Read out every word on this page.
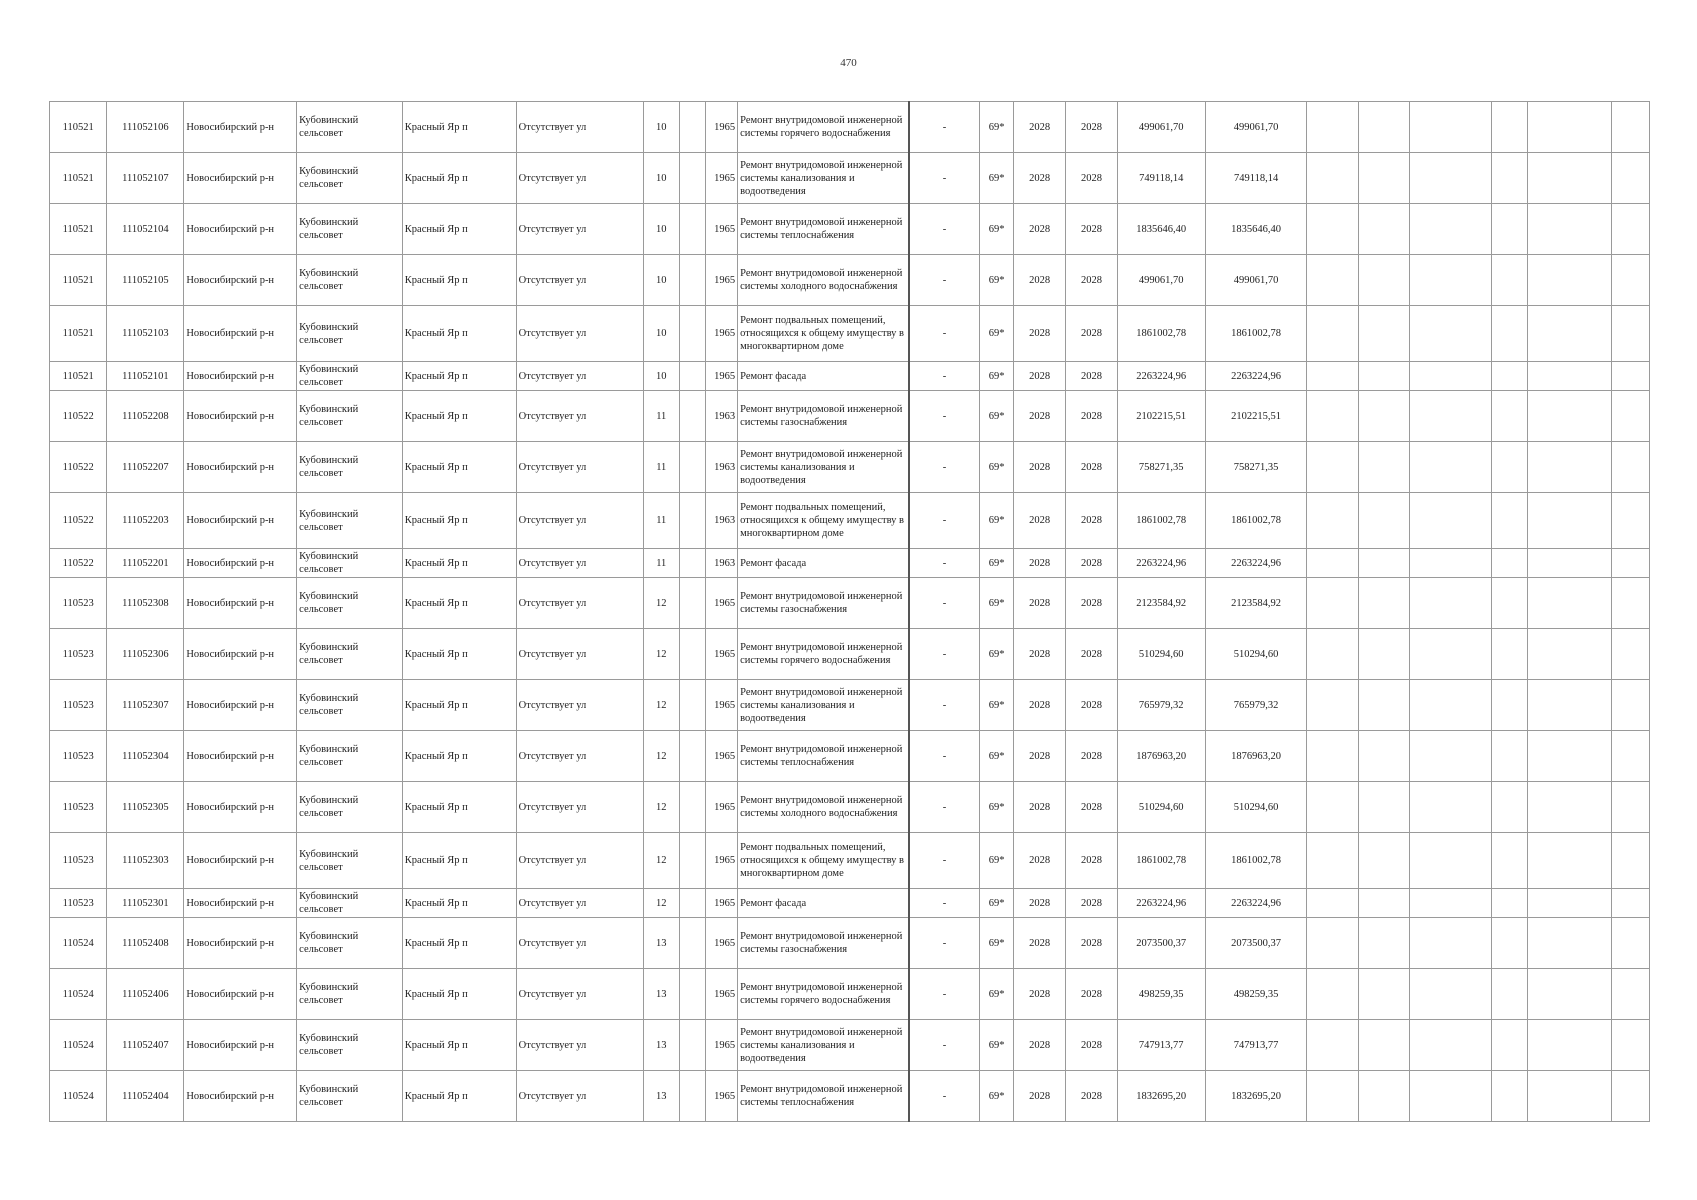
470
110521	111052106	Новосибирский р-н	Кубовинский сельсовет	Красный Яр п	Отсутствует ул	10		1965	Ремонт внутридомовой инженерной системы горячего водоснабжения	-	69*	2028	2028	499061,70	499061,70						
110521	111052107	Новосибирский р-н	Кубовинский сельсовет	Красный Яр п	Отсутствует ул	10		1965	Ремонт внутридомовой инженерной системы канализования и водоотведения	-	69*	2028	2028	749118,14	749118,14						
110521	111052104	Новосибирский р-н	Кубовинский сельсовет	Красный Яр п	Отсутствует ул	10		1965	Ремонт внутридомовой инженерной системы теплоснабжения	-	69*	2028	2028	1835646,40	1835646,40						
110521	111052105	Новосибирский р-н	Кубовинский сельсовет	Красный Яр п	Отсутствует ул	10		1965	Ремонт внутридомовой инженерной системы холодного водоснабжения	-	69*	2028	2028	499061,70	499061,70						
110521	111052103	Новосибирский р-н	Кубовинский сельсовет	Красный Яр п	Отсутствует ул	10		1965	Ремонт подвальных помещений, относящихся к общему имуществу в многоквартирном доме	-	69*	2028	2028	1861002,78	1861002,78						
110521	111052101	Новосибирский р-н	Кубовинский сельсовет	Красный Яр п	Отсутствует ул	10		1965	Ремонт фасада	-	69*	2028	2028	2263224,96	2263224,96						
110522	111052208	Новосибирский р-н	Кубовинский сельсовет	Красный Яр п	Отсутствует ул	11		1963	Ремонт внутридомовой инженерной системы газоснабжения	-	69*	2028	2028	2102215,51	2102215,51						
110522	111052207	Новосибирский р-н	Кубовинский сельсовет	Красный Яр п	Отсутствует ул	11		1963	Ремонт внутридомовой инженерной системы канализования и водоотведения	-	69*	2028	2028	758271,35	758271,35						
110522	111052203	Новосибирский р-н	Кубовинский сельсовет	Красный Яр п	Отсутствует ул	11		1963	Ремонт подвальных помещений, относящихся к общему имуществу в многоквартирном доме	-	69*	2028	2028	1861002,78	1861002,78						
110522	111052201	Новосибирский р-н	Кубовинский сельсовет	Красный Яр п	Отсутствует ул	11		1963	Ремонт фасада	-	69*	2028	2028	2263224,96	2263224,96						
110523	111052308	Новосибирский р-н	Кубовинский сельсовет	Красный Яр п	Отсутствует ул	12		1965	Ремонт внутридомовой инженерной системы газоснабжения	-	69*	2028	2028	2123584,92	2123584,92						
110523	111052306	Новосибирский р-н	Кубовинский сельсовет	Красный Яр п	Отсутствует ул	12		1965	Ремонт внутридомовой инженерной системы горячего водоснабжения	-	69*	2028	2028	510294,60	510294,60						
110523	111052307	Новосибирский р-н	Кубовинский сельсовет	Красный Яр п	Отсутствует ул	12		1965	Ремонт внутридомовой инженерной системы канализования и водоотведения	-	69*	2028	2028	765979,32	765979,32						
110523	111052304	Новосибирский р-н	Кубовинский сельсовет	Красный Яр п	Отсутствует ул	12		1965	Ремонт внутридомовой инженерной системы теплоснабжения	-	69*	2028	2028	1876963,20	1876963,20						
110523	111052305	Новосибирский р-н	Кубовинский сельсовет	Красный Яр п	Отсутствует ул	12		1965	Ремонт внутридомовой инженерной системы холодного водоснабжения	-	69*	2028	2028	510294,60	510294,60						
110523	111052303	Новосибирский р-н	Кубовинский сельсовет	Красный Яр п	Отсутствует ул	12		1965	Ремонт подвальных помещений, относящихся к общему имуществу в многоквартирном доме	-	69*	2028	2028	1861002,78	1861002,78						
110523	111052301	Новосибирский р-н	Кубовинский сельсовет	Красный Яр п	Отсутствует ул	12		1965	Ремонт фасада	-	69*	2028	2028	2263224,96	2263224,96						
110524	111052408	Новосибирский р-н	Кубовинский сельсовет	Красный Яр п	Отсутствует ул	13		1965	Ремонт внутридомовой инженерной системы газоснабжения	-	69*	2028	2028	2073500,37	2073500,37						
110524	111052406	Новосибирский р-н	Кубовинский сельсовет	Красный Яр п	Отсутствует ул	13		1965	Ремонт внутридомовой инженерной системы горячего водоснабжения	-	69*	2028	2028	498259,35	498259,35						
110524	111052407	Новосибирский р-н	Кубовинский сельсовет	Красный Яр п	Отсутствует ул	13		1965	Ремонт внутридомовой инженерной системы канализования и водоотведения	-	69*	2028	2028	747913,77	747913,77						
110524	111052404	Новосибирский р-н	Кубовинский сельсовет	Красный Яр п	Отсутствует ул	13		1965	Ремонт внутридомовой инженерной системы теплоснабжения	-	69*	2028	2028	1832695,20	1832695,20						
